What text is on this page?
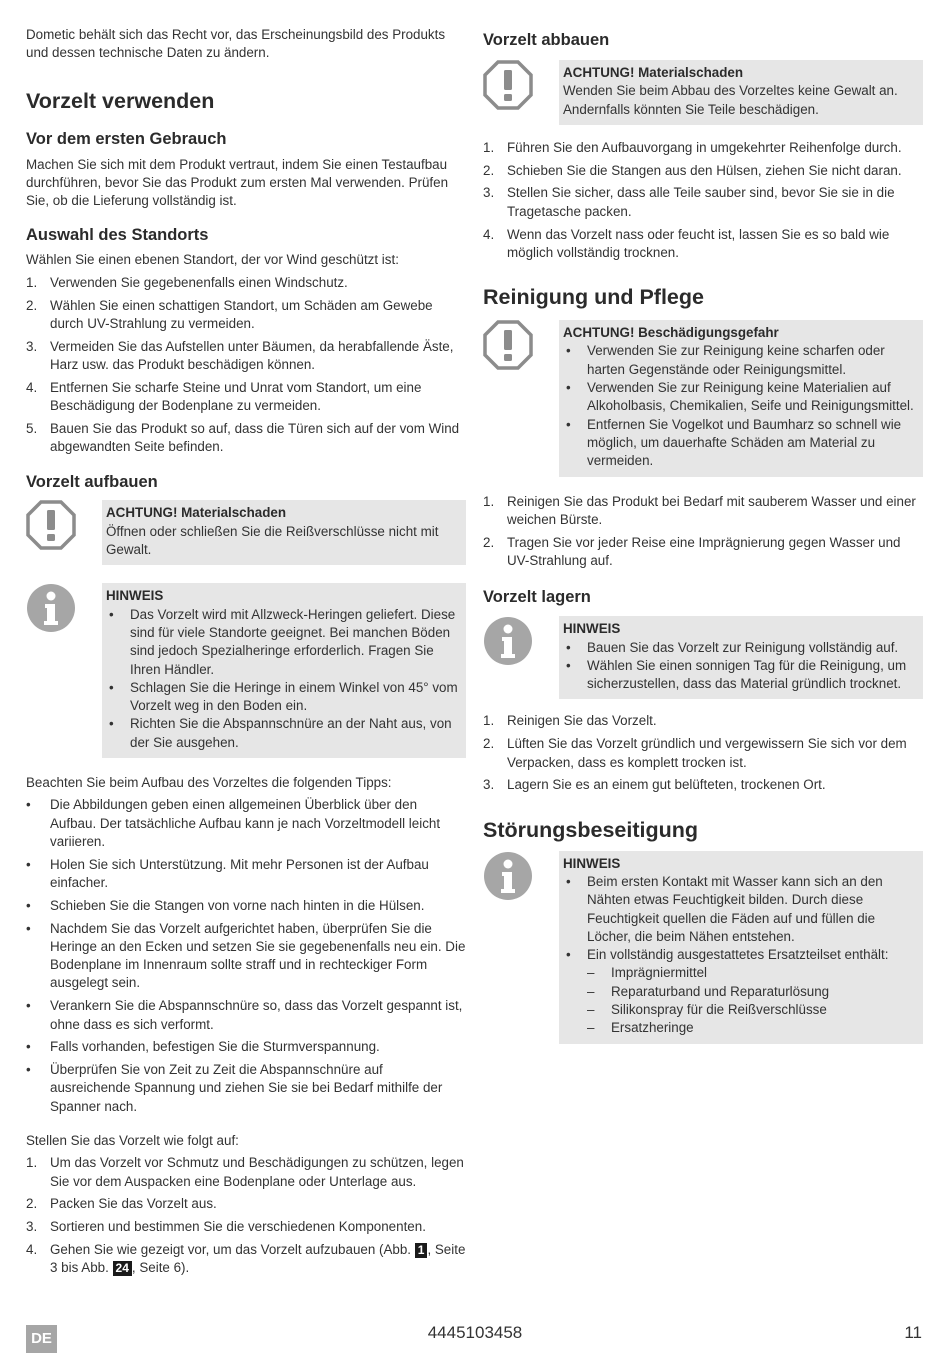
Dometic behält sich das Recht vor, das Erscheinungsbild des Produkts und dessen technische Daten zu ändern.

Vorzelt verwenden
Vor dem ersten Gebrauch

Machen Sie sich mit dem Produkt vertraut, indem Sie einen Testaufbau durchführen, bevor Sie das Produkt zum ersten Mal verwenden. Prüfen Sie, ob die Lieferung vollständig ist.

Auswahl des Standorts

Wählen Sie einen ebenen Standort, der vor Wind geschützt ist:

1. Verwenden Sie gegebenenfalls einen Windschutz.
2. Wählen Sie einen schattigen Standort, um Schäden am Gewebe durch UV-Strahlung zu vermeiden.
3. Vermeiden Sie das Aufstellen unter Bäumen, da herabfallende Äste, Harz usw. das Produkt beschädigen können.
4. Entfernen Sie scharfe Steine und Unrat vom Standort, um eine Beschädigung der Bodenplane zu vermeiden.
5. Bauen Sie das Produkt so auf, dass die Türen sich auf der vom Wind abgewandten Seite befinden.
Vorzelt aufbauen
ACHTUNG! Materialschaden
Öffnen oder schließen Sie die Reißverschlüsse nicht mit Gewalt.
HINWEIS
• Das Vorzelt wird mit Allzweck-Heringen geliefert. Diese sind für viele Standorte geeignet. Bei manchen Böden sind jedoch Spezialheringe erforderlich. Fragen Sie Ihren Händler.
• Schlagen Sie die Heringe in einem Winkel von 45° vom Vorzelt weg in den Boden ein.
• Richten Sie die Abspannschnüre an der Naht aus, von der Sie ausgehen.

Beachten Sie beim Aufbau des Vorzeltes die folgenden Tipps:

• Die Abbildungen geben einen allgemeinen Überblick über den Aufbau. Der tatsächliche Aufbau kann je nach Vorzeltmodell leicht variieren.
• Holen Sie sich Unterstützung. Mit mehr Personen ist der Aufbau einfacher.
• Schieben Sie die Stangen von vorne nach hinten in die Hülsen.
• Nachdem Sie das Vorzelt aufgerichtet haben, überprüfen Sie die Heringe an den Ecken und setzen Sie sie gegebenenfalls neu ein. Die Bodenplane im Innenraum sollte straff und in rechteckiger Form ausgelegt sein.
• Verankern Sie die Abspannschnüre so, dass das Vorzelt gespannt ist, ohne dass es sich verformt.
• Falls vorhanden, befestigen Sie die Sturmverspannung.
• Überprüfen Sie von Zeit zu Zeit die Abspannschnüre auf ausreichende Spannung und ziehen Sie sie bei Bedarf mithilfe der Spanner nach.

Stellen Sie das Vorzelt wie folgt auf:

1. Um das Vorzelt vor Schmutz und Beschädigungen zu schützen, legen Sie vor dem Auspacken eine Bodenplane oder Unterlage aus.
2. Packen Sie das Vorzelt aus.
3. Sortieren und bestimmen Sie die verschiedenen Komponenten.
4. Gehen Sie wie gezeigt vor, um das Vorzelt aufzubauen (Abb. 1 , Seite 3 bis Abb. 24 , Seite 6).
Vorzelt abbauen
ACHTUNG! Materialschaden
Wenden Sie beim Abbau des Vorzeltes keine Gewalt an. Andernfalls könnten Sie Teile beschädigen.
1. Führen Sie den Aufbauvorgang in umgekehrter Reihenfolge durch.
2. Schieben Sie die Stangen aus den Hülsen, ziehen Sie nicht daran.
3. Stellen Sie sicher, dass alle Teile sauber sind, bevor Sie sie in die Tragetasche packen.
4. Wenn das Vorzelt nass oder feucht ist, lassen Sie es so bald wie möglich vollständig trocknen.
Reinigung und Pflege
ACHTUNG! Beschädigungsgefahr
• Verwenden Sie zur Reinigung keine scharfen oder harten Gegenstände oder Reinigungsmittel.
• Verwenden Sie zur Reinigung keine Materialien auf Alkoholbasis, Chemikalien, Seife und Reinigungsmittel.
• Entfernen Sie Vogelkot und Baumharz so schnell wie möglich, um dauerhafte Schäden am Material zu vermeiden.
1. Reinigen Sie das Produkt bei Bedarf mit sauberem Wasser und einer weichen Bürste.
2. Tragen Sie vor jeder Reise eine Imprägnierung gegen Wasser und UV-Strahlung auf.
Vorzelt lagern
HINWEIS
• Bauen Sie das Vorzelt zur Reinigung vollständig auf.
• Wählen Sie einen sonnigen Tag für die Reinigung, um sicherzustellen, dass das Material gründlich trocknet.
1. Reinigen Sie das Vorzelt.
2. Lüften Sie das Vorzelt gründlich und vergewissern Sie sich vor dem Verpacken, dass es komplett trocken ist.
3. Lagern Sie es an einem gut belüfteten, trockenen Ort.
Störungsbeseitigung
HINWEIS
• Beim ersten Kontakt mit Wasser kann sich an den Nähten etwas Feuchtigkeit bilden. Durch diese Feuchtigkeit quellen die Fäden auf und füllen die Löcher, die beim Nähen entstehen.
• Ein vollständig ausgestattetes Ersatzteilset enthält:
– Imprägniermittel
– Reparaturband und Reparaturlösung
– Silikonspray für die Reißverschlüsse
– Ersatzheringe
DE	4445103458	11
